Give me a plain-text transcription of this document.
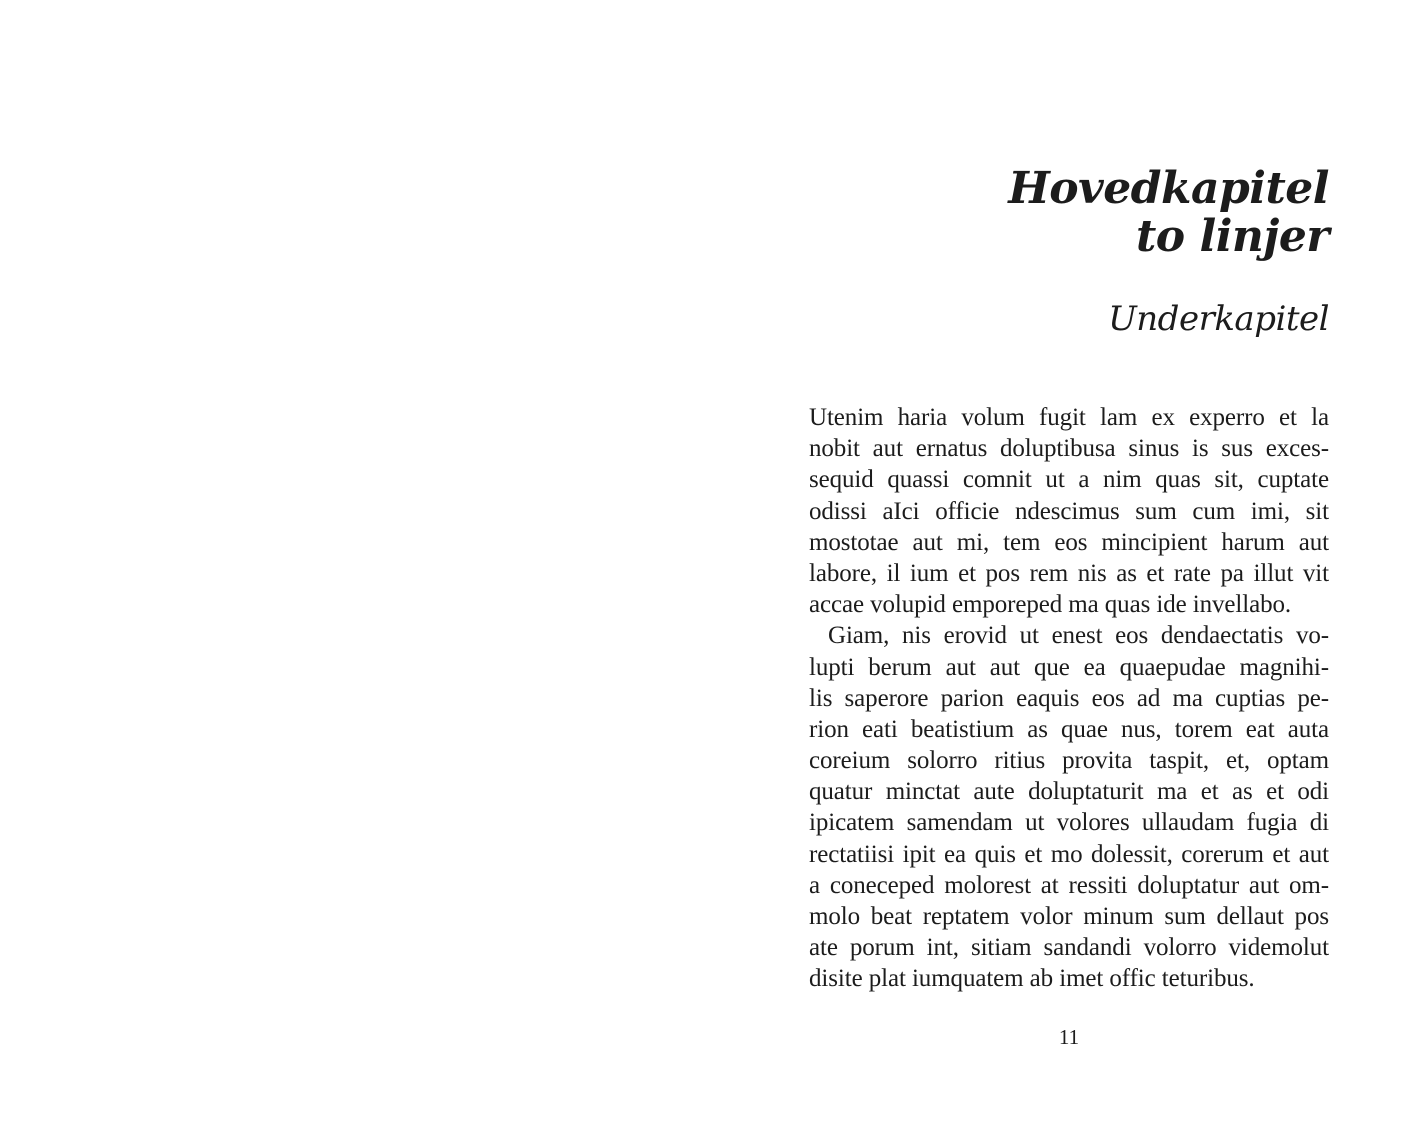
Hovedkapitel
to linjer
Underkapitel
Utenim haria volum fugit lam ex experro et la
nobit aut ernatus doluptibusa sinus is sus exces-
sequid quassi comnit ut a nim quas sit, cuptate
odissi aIci officie ndescimus sum cum imi, sit
mostotae aut mi, tem eos mincipient harum aut
labore, il ium et pos rem nis as et rate pa illut vit
accae volupid emporeped ma quas ide invellabo.
Giam, nis erovid ut enest eos dendaectatis vo-
lupti berum aut aut que ea quaepudae magnihi-
lis saperore parion eaquis eos ad ma cuptias pe-
rion eati beatistium as quae nus, torem eat auta
coreium solorro ritius provita taspit, et, optam
quatur minctat aute doluptaturit ma et as et odi
ipicatem samendam ut volores ullaudam fugia di
rectatiisi ipit ea quis et mo dolessit, corerum et aut
a coneceped molorest at ressiti doluptatur aut om-
molo beat reptatem volor minum sum dellaut pos
ate porum int, sitiam sandandi volorro videmolut
disite plat iumquatem ab imet offic teturibus.
11
